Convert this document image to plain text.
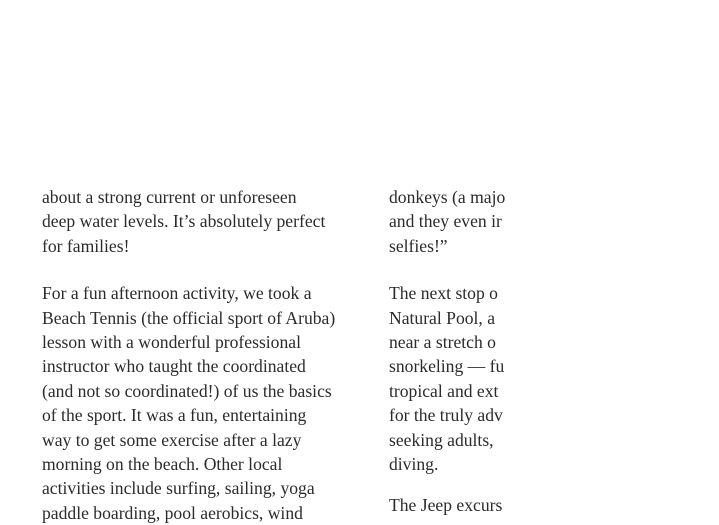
about a strong current or unforeseen
deep water levels. It’s absolutely perfect
for families!

For a fun afternoon activity, we took a
Beach Tennis (the official sport of Aruba)
lesson with a wonderful professional
instructor who taught the coordinated
(and not so coordinated!) of us the basics
of the sport. It was a fun, entertaining
way to get some exercise after a lazy
morning on the beach. Other local
activities include surfing, sailing, yoga
paddle boarding, pool aerobics, wind

donkeys (a majo
and they even ir
selfies!”

The next stop o
Natural Pool, a
near a stretch o
snorkeling — fu
tropical and ext
for the truly adv
seeking adults,
diving.

The Jeep excurs
